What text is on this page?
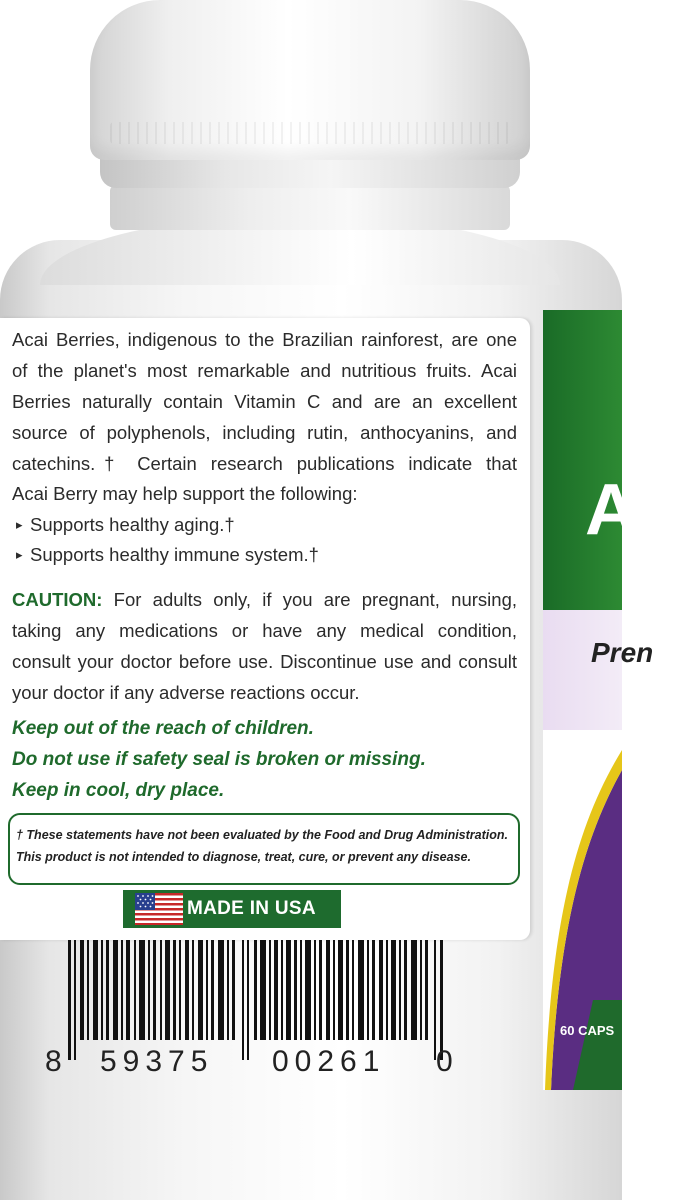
Acai Berries, indigenous to the Brazilian rainforest, are one

of the planet's most remarkable and nutritious fruits. Acai

Berries naturally contain Vitamin C and are an excellent

source of polyphenols, including rutin, anthocyanins, and

catechins.† Certain research publications indicate that

Acai Berry may help support the following:

▸ Supports healthy aging.†
▸ Supports healthy immune system.†

CAUTION: For adults only, if you are pregnant, nursing, taking any medications or have any medical condition, consult your doctor before use. Discontinue use and consult your doctor if any adverse reactions occur.

Keep out of the reach of children.
Do not use if safety seal is broken or missing.
Keep in cool, dry place.
† These statements have not been evaluated by the Food and Drug Administration.
This product is not intended to diagnose, treat, cure, or prevent any disease.
MADE IN USA
8 59375 00261 0
Ac
Pren
60 CAPS
